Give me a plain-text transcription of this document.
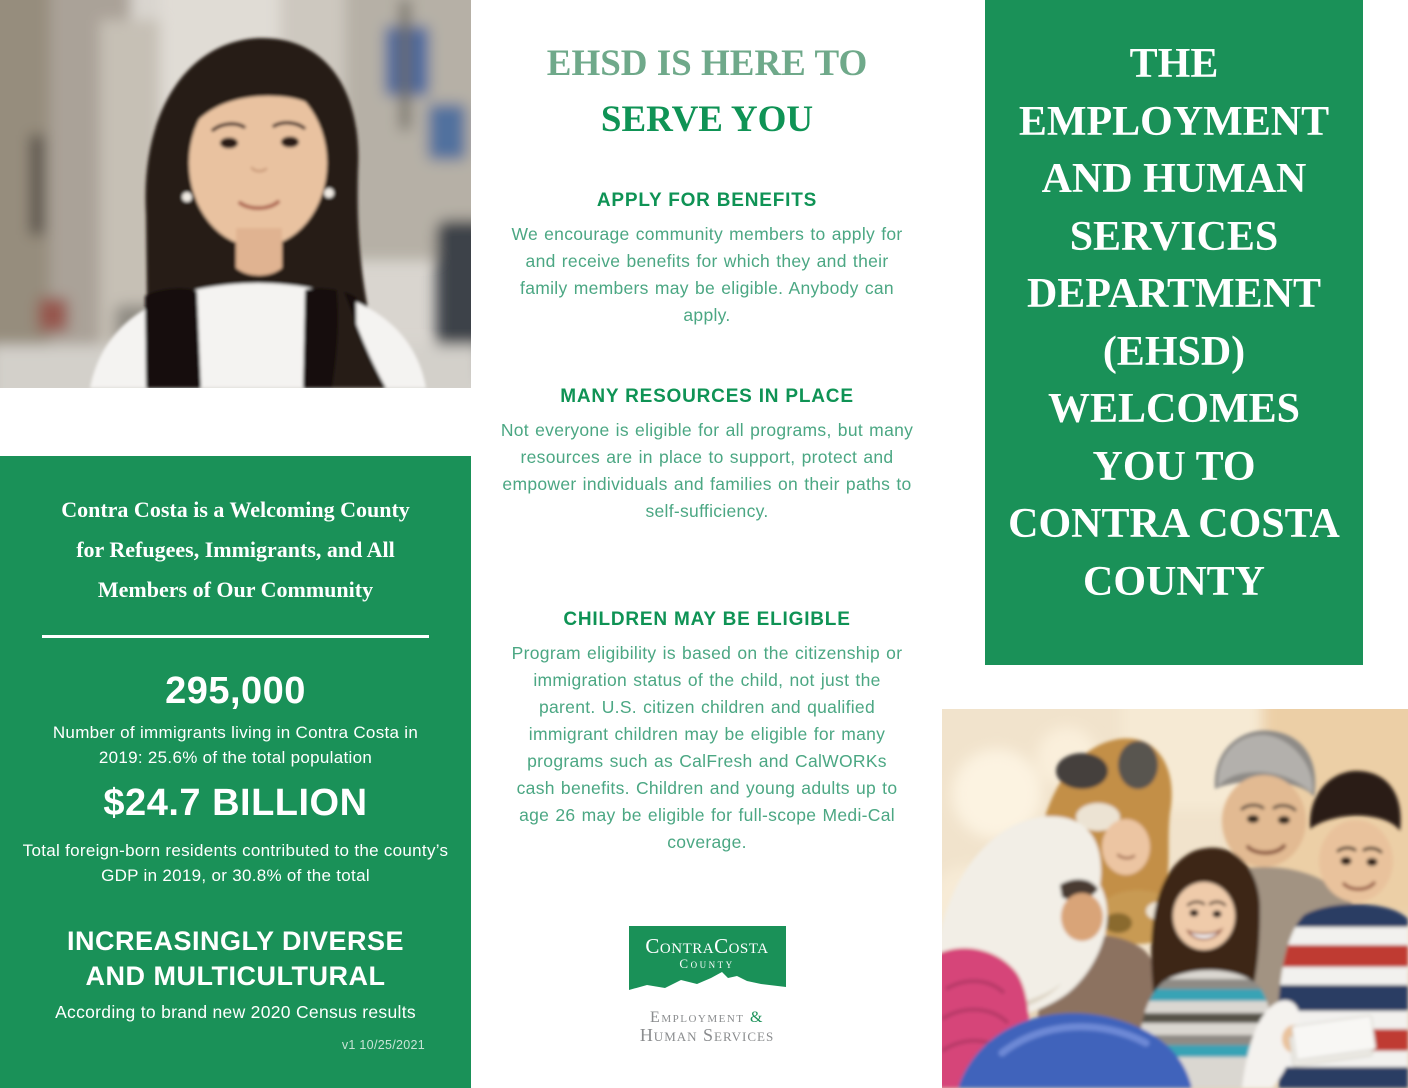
Contra Costa is a Welcoming County
for Refugees, Immigrants, and All
Members of Our Community
295,000
Number of immigrants living in Contra Costa in 2019: 25.6% of the total population
$24.7 BILLION
Total foreign-born residents contributed to the county’s GDP in 2019, or 30.8% of the total
INCREASINGLY DIVERSE
AND MULTICULTURAL
According to brand new 2020 Census results
v1 10/25/2021
EHSD IS HERE TO
SERVE YOU
APPLY FOR BENEFITS

We encourage community members to apply for and receive benefits for which they and their family members may be eligible. Anybody can apply.

MANY RESOURCES IN PLACE

Not everyone is eligible for all programs, but many resources are in place to support, protect and empower individuals and families on their paths to self-sufficiency.

CHILDREN MAY BE ELIGIBLE

Program eligibility is based on the citizenship or immigration status of the child, not just the parent. U.S. citizen children and qualified immigrant children may be eligible for many programs such as CalFresh and CalWORKs cash benefits. Children and young adults up to age 26 may be eligible for full-scope Medi-Cal coverage.

ContraCosta
County
Employment &
Human Services
THE
EMPLOYMENT
AND HUMAN
SERVICES
DEPARTMENT
(EHSD)
WELCOMES
YOU TO
CONTRA COSTA
COUNTY
